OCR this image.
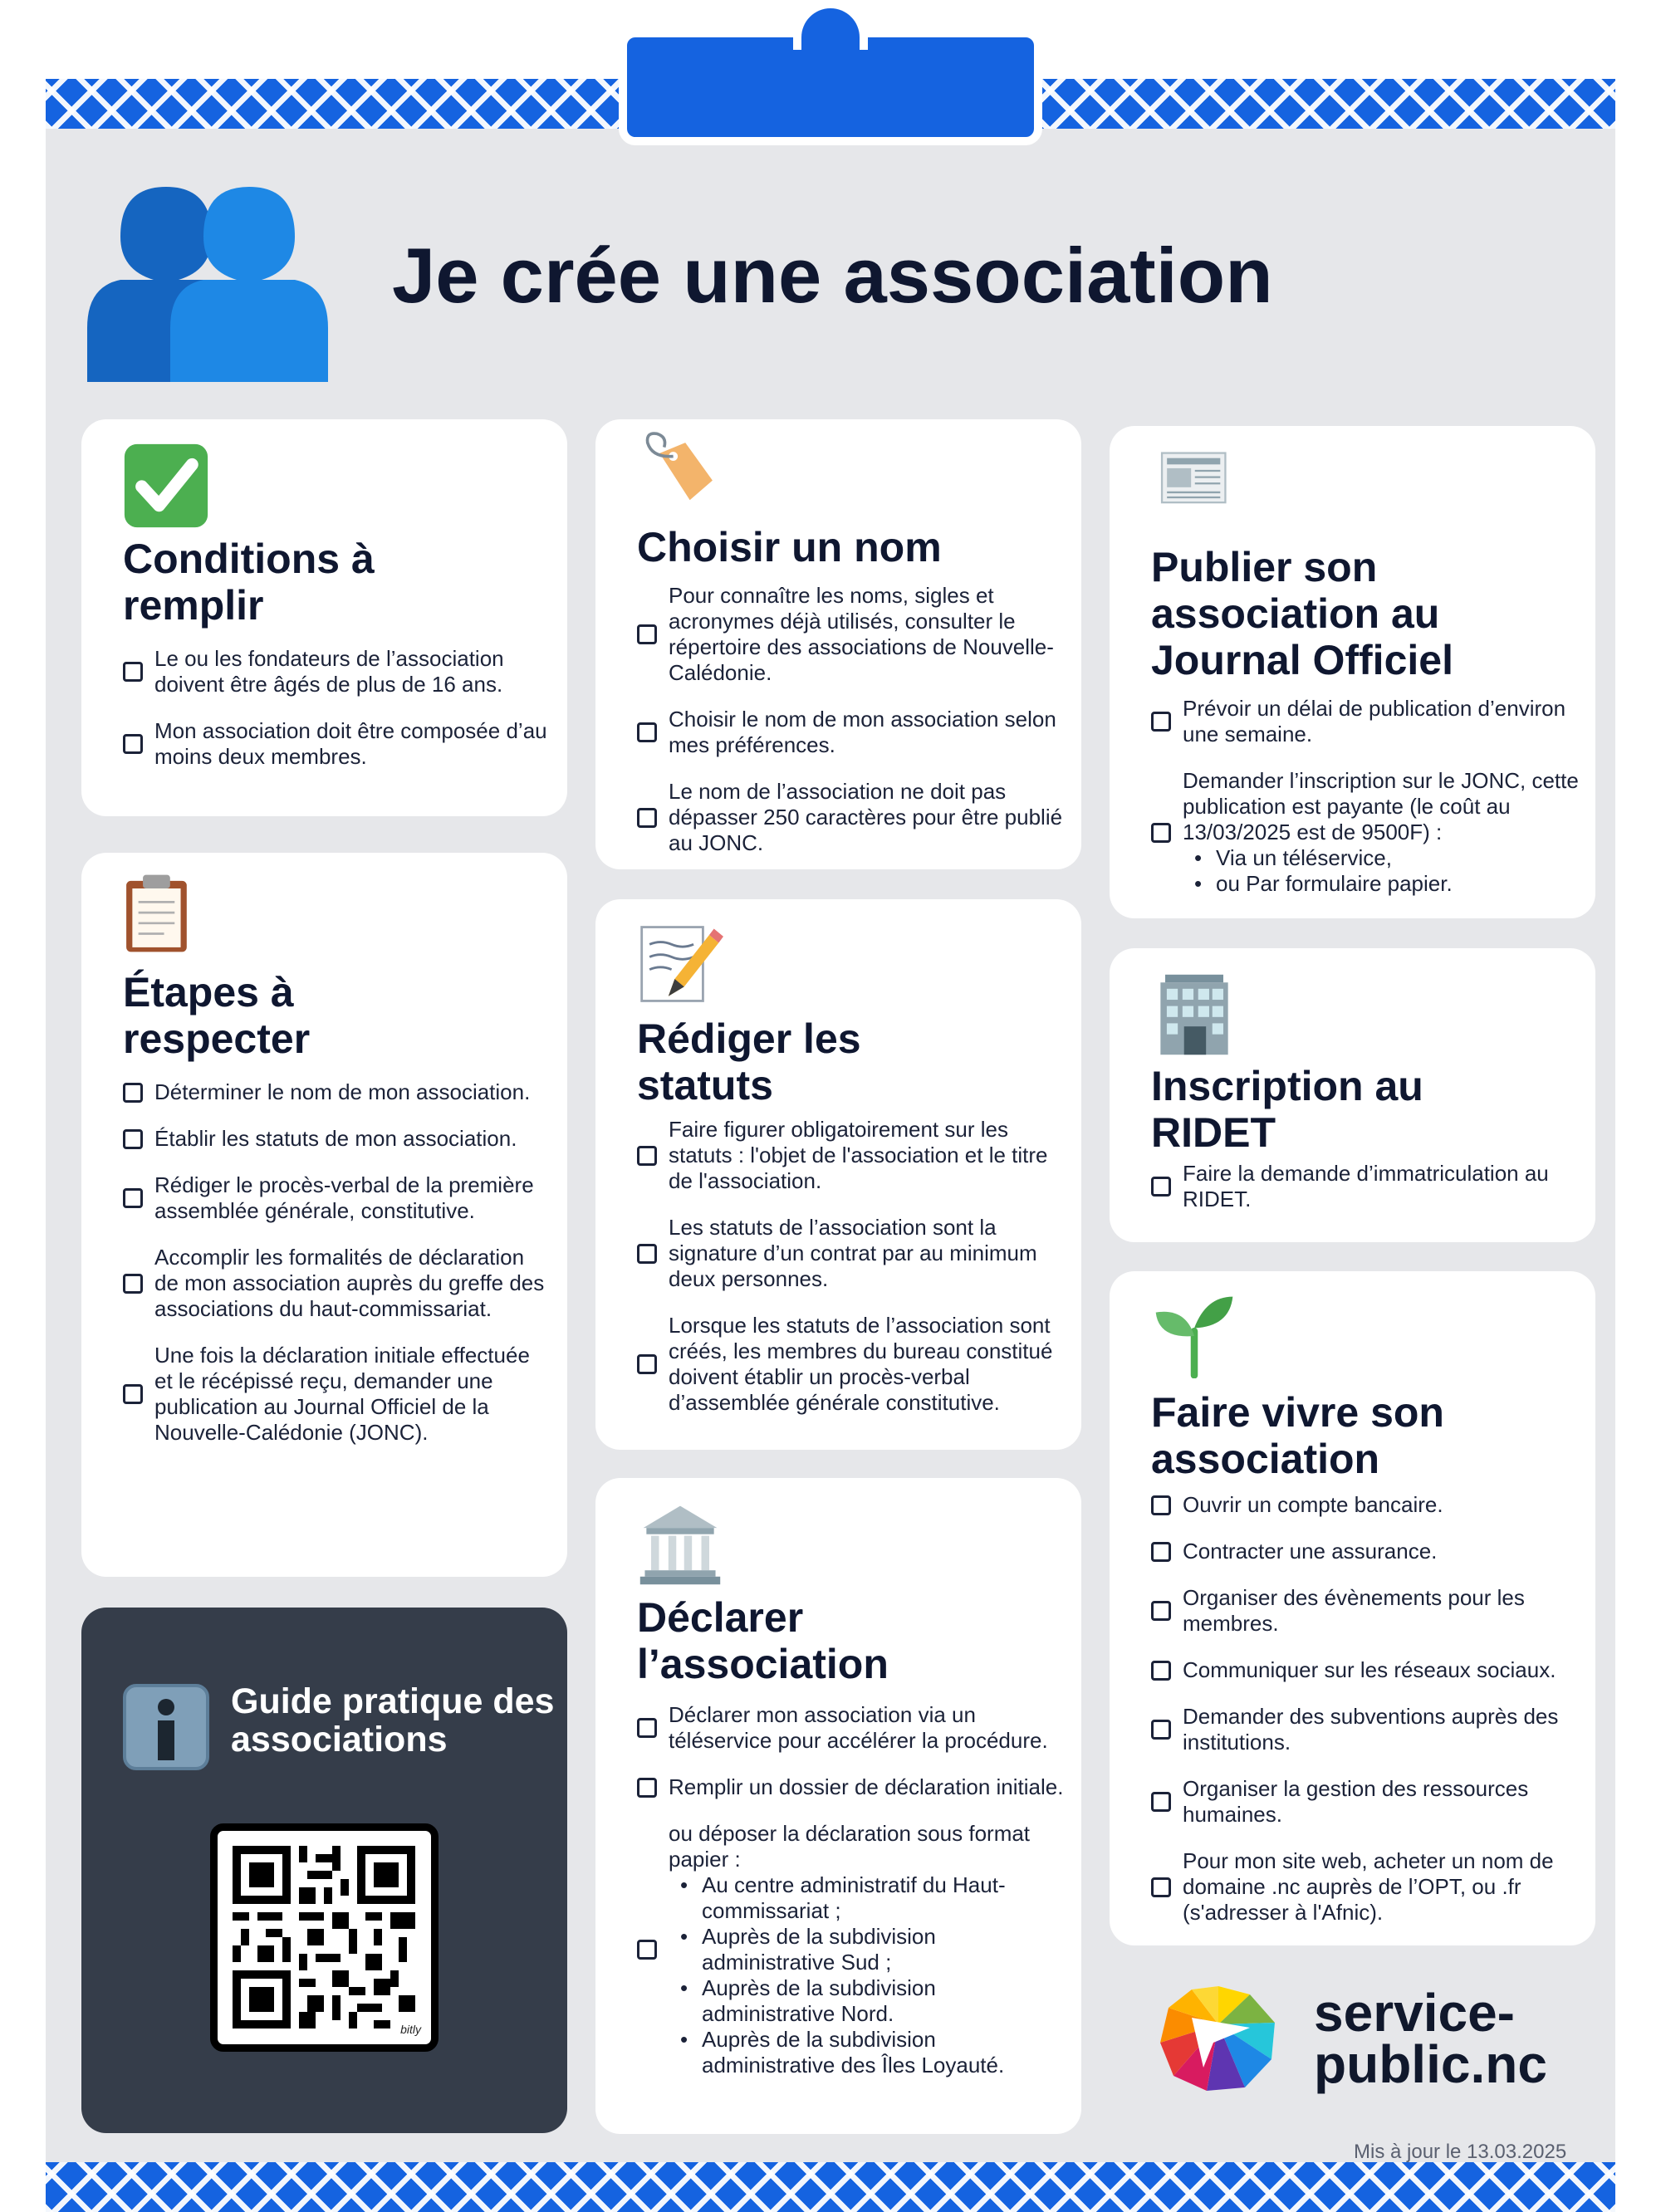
Je crée une association
Conditions à remplir
Le ou les fondateurs de l’association doivent être âgés de plus de 16 ans.
Mon association doit être composée d’au moins deux membres.
Étapes à respecter
Déterminer le nom de mon association.
Établir les statuts de mon association.
Rédiger le procès-verbal de la première assemblée générale, constitutive.
Accomplir les formalités de déclaration de mon association auprès du greffe des associations du haut-commissariat.
Une fois la déclaration initiale effectuée et le récépissé reçu, demander une publication au Journal Officiel de la Nouvelle-Calédonie (JONC).
Choisir un nom
Pour connaître les noms, sigles et acronymes déjà utilisés, consulter le répertoire des associations de Nouvelle-Calédonie.
Choisir le nom de mon association selon mes préférences.
Le nom de l’association ne doit pas dépasser 250 caractères pour être publié au JONC.
Rédiger les statuts
Faire figurer obligatoirement sur les statuts : l'objet de l'association et le titre de l'association.
Les statuts de l’association sont la signature d’un contrat par au minimum deux personnes.
Lorsque les statuts de l’association sont créés, les membres du bureau constitué doivent établir un procès-verbal d’assemblée générale constitutive.
Déclarer l’association
Déclarer mon association via un téléservice pour accélérer la procédure.
Remplir un dossier de déclaration initiale.
ou déposer la déclaration sous format papier :
• Au centre administratif du Haut-commissariat ;
• Auprès de la subdivision administrative Sud ;
• Auprès de la subdivision administrative Nord.
• Auprès de la subdivision administrative des Îles Loyauté.
Publier son association au Journal Officiel
Prévoir un délai de publication d’environ une semaine.
Demander l’inscription sur le JONC, cette publication est payante (le coût au 13/03/2025 est de 9500F) :
• Via un téléservice,
• ou Par formulaire papier.
Inscription au RIDET
Faire la demande d’immatriculation au RIDET.
Faire vivre son association
Ouvrir un compte bancaire.
Contracter une assurance.
Organiser des évènements pour les membres.
Communiquer sur les réseaux sociaux.
Demander des subventions auprès des institutions.
Organiser la gestion des ressources humaines.
Pour mon site web, acheter un nom de domaine .nc auprès de l’OPT, ou .fr (s'adresser à l'Afnic).
Guide pratique des associations
bitly	service-public.nc
Mis à jour le 13.03.2025
